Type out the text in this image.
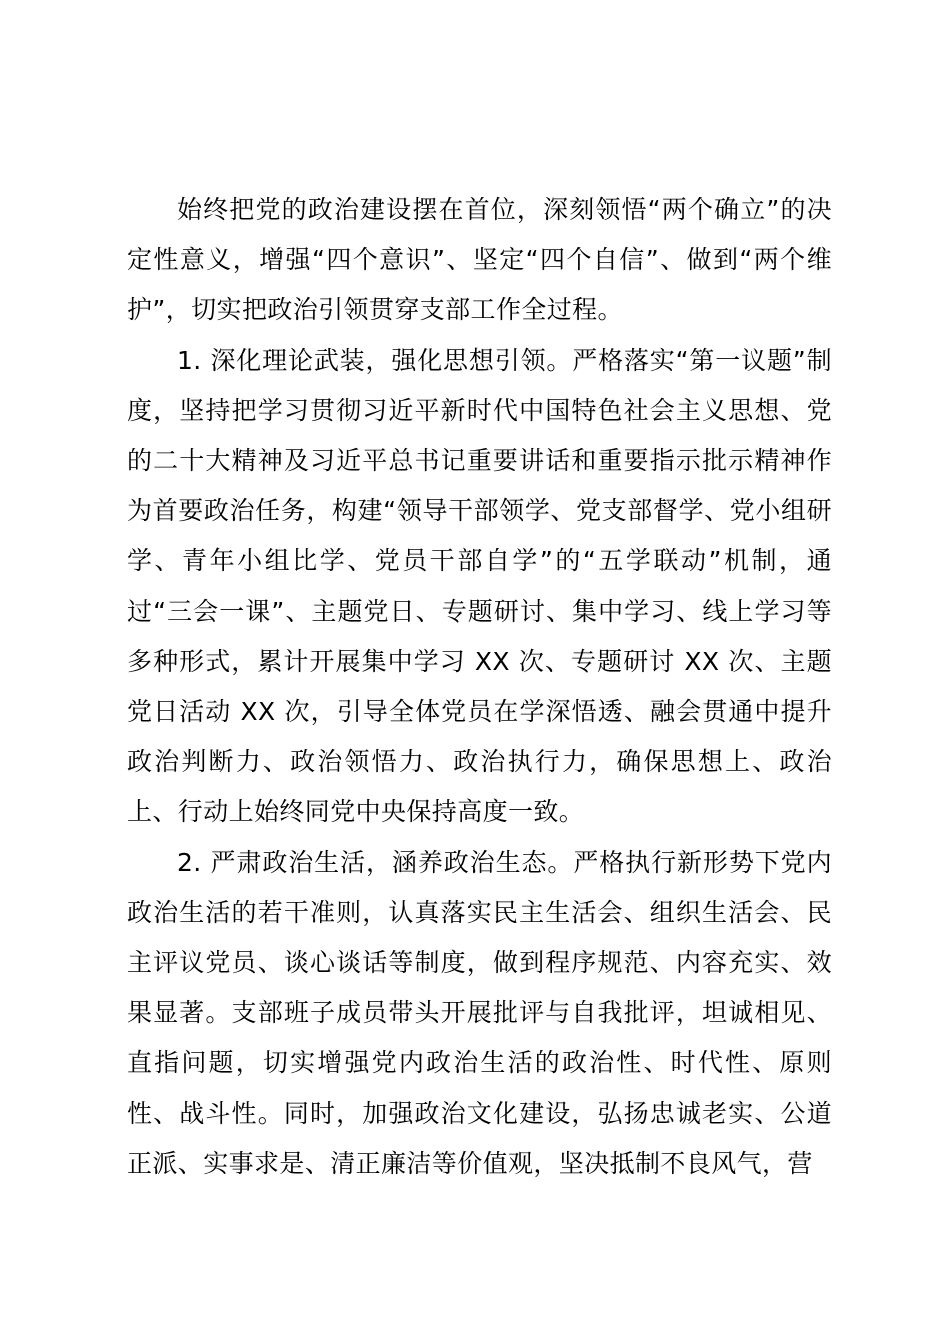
始终把党的政治建设摆在首位，深刻领悟“两个确立”的决定性意义，增强“四个意识”、坚定“四个自信”、做到“两个维护”，切实把政治引领贯穿支部工作全过程。

1. 深化理论武装，强化思想引领。严格落实“第一议题”制度，坚持把学习贯彻习近平新时代中国特色社会主义思想、党的二十大精神及习近平总书记重要讲话和重要指示批示精神作为首要政治任务，构建“领导干部领学、党支部督学、党小组研学、青年小组比学、党员干部自学”的“五学联动”机制，通过“三会一课”、主题党日、专题研讨、集中学习、线上学习等多种形式，累计开展集中学习 XX 次、专题研讨 XX 次、主题党日活动 XX 次，引导全体党员在学深悟透、融会贯通中提升政治判断力、政治领悟力、政治执行力，确保思想上、政治上、行动上始终同党中央保持高度一致。

2. 严肃政治生活，涵养政治生态。严格执行新形势下党内政治生活的若干准则，认真落实民主生活会、组织生活会、民主评议党员、谈心谈话等制度，做到程序规范、内容充实、效果显著。支部班子成员带头开展批评与自我批评，坦诚相见、直指问题，切实增强党内政治生活的政治性、时代性、原则性、战斗性。同时，加强政治文化建设，弘扬忠诚老实、公道正派、实事求是、清正廉洁等价值观，坚决抵制不良风气，营
